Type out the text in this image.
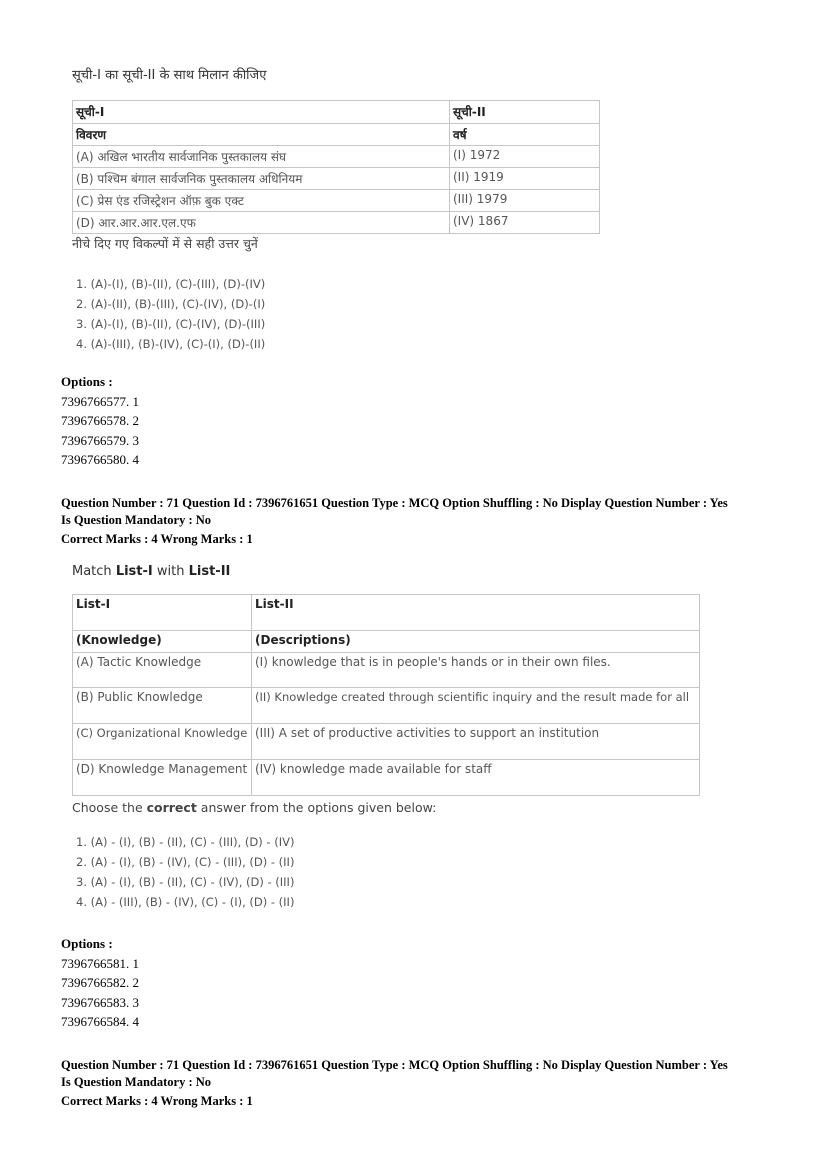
सूची-I का सूची-II के साथ मिलान कीजिए
सूची-I	सूची-II
विवरण	वर्ष
(A) अखिल भारतीय सार्वजानिक पुस्तकालय संघ	(I) 1972
(B) पश्चिम बंगाल सार्वजनिक पुस्तकालय अधिनियम	(II) 1919
(C) प्रेस एंड रजिस्ट्रेशन ऑफ़ बुक एक्ट	(III) 1979
(D) आर.आर.आर.एल.एफ	(IV) 1867
नीचे दिए गए विकल्पों में से सही उत्तर चुनें
1. (A)-(I), (B)-(II), (C)-(III), (D)-(IV)
2. (A)-(II), (B)-(III), (C)-(IV), (D)-(I)
3. (A)-(I), (B)-(II), (C)-(IV), (D)-(III)
4. (A)-(III), (B)-(IV), (C)-(I), (D)-(II)
Options :
7396766577. 1
7396766578. 2
7396766579. 3
7396766580. 4
Question Number : 71 Question Id : 7396761651 Question Type : MCQ Option Shuffling : No Display Question Number : Yes
Is Question Mandatory : No
Correct Marks : 4 Wrong Marks : 1
Match List-I with List-II
List-I	List-II
(Knowledge)	(Descriptions)
(A) Tactic Knowledge	(I) knowledge that is in people's hands or in their own files.
(B) Public Knowledge	(II) Knowledge created through scientific inquiry and the result made for all
(C) Organizational Knowledge	(III) A set of productive activities to support an institution
(D) Knowledge Management	(IV) knowledge made available for staff
Choose the correct answer from the options given below:
1. (A) - (I), (B) - (II), (C) - (III), (D) - (IV)
2. (A) - (I), (B) - (IV), (C) - (III), (D) - (II)
3. (A) - (I), (B) - (II), (C) - (IV), (D) - (III)
4. (A) - (III), (B) - (IV), (C) - (I), (D) - (II)
Options :
7396766581. 1
7396766582. 2
7396766583. 3
7396766584. 4
Question Number : 71 Question Id : 7396761651 Question Type : MCQ Option Shuffling : No Display Question Number : Yes
Is Question Mandatory : No
Correct Marks : 4 Wrong Marks : 1
